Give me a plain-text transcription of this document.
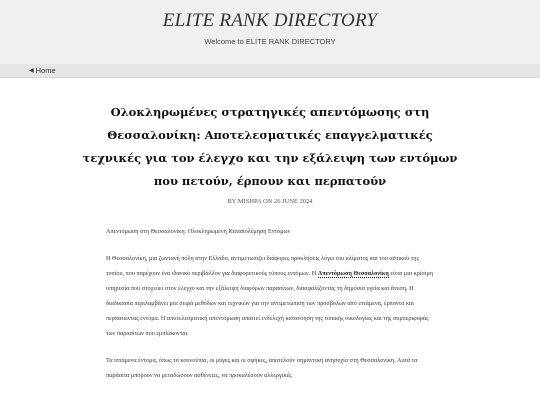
ELITE RANK DIRECTORY
Welcome to ELITE RANK DIRECTORY
◀ Home
Ολοκληρωμένες στρατηγικές απεντόμωσης στη Θεσσαλονίκη: Αποτελεσματικές επαγγελματικές τεχνικές για τον έλεγχο και την εξάλειψη των εντόμων που πετούν, έρπουν και περπατούν
BY MISHPA ON 26 JUNE 2024

Απεντόμωση στη Θεσσαλονίκη: Ολοκληρωμένη Καταπολέμηση Εντόμων

Η Θεσσαλονίκη, μια ζωντανή πόλη στην Ελλάδα, αντιμετωπίζει διάφορες προκλήσεις λόγω του κλίματος και του αστικού της τοπίου, που παρέχουν ένα ιδανικό περιβάλλον για διαφορετικούς τύπους εντόμων. Η Απεντόμωση Θεσσαλονίκη είναι μια κρίσιμη υπηρεσία που στοχεύει στον έλεγχο και την εξάλειψη διαφόρων παρασίτων, διασφαλίζοντας τη δημόσια υγεία και άνεση. Η διαδικασία περιλαμβάνει μια σειρά μεθόδων και τεχνικών για την αντιμετώπιση των προσβολών από ιπτάμενα, έρποντα και περπατώντας έντομα. Η αποτελεσματική απεντόμωση απαιτεί ενδελεχή κατανόηση της τοπικής οικολογίας και της συμπεριφοράς των παρασίτων που εμπλέκονται.

Τα ιπτάμενα έντομα, όπως τα κουνούπια, οι μύγες και οι σφήκες, αποτελούν σημαντική ανησυχία στη Θεσσαλονίκη. Αυτά τα παράσιτα μπορούν να μεταδώσουν ασθένειες, να προκαλέσουν αλλεργικές
